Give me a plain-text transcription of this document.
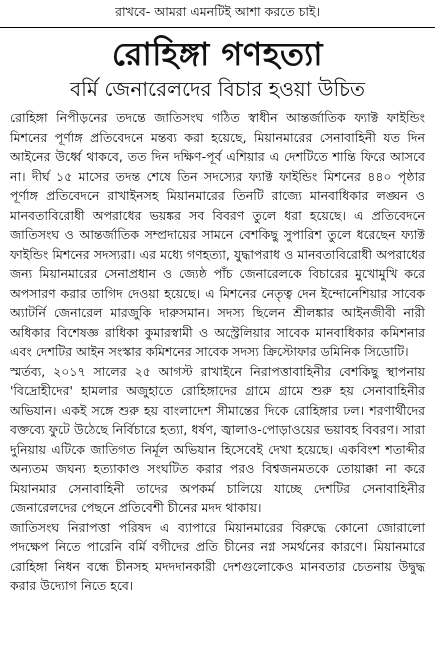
রাখবে- আমরা এমনটিই আশা করতে চাই।
রোহিঙ্গা গণহত্যা
বর্মি জেনারেলদের বিচার হওয়া উচিত

রোহিঙ্গা নিপীড়নের তদন্তে জাতিসংঘ গঠিত স্বাধীন আন্তর্জাতিক ফ্যাক্ট ফাইন্ডিং মিশনের পূর্ণাঙ্গ প্রতিবেদনে মন্তব্য করা হয়েছে, মিয়ানমারের সেনাবাহিনী যত দিন আইনের উর্ধ্বে থাকবে, তত দিন দক্ষিণ-পূর্ব এশিয়ার এ দেশটিতে শান্তি ফিরে আসবে না। দীর্ঘ ১৫ মাসের তদন্ত শেষে তিন সদস্যের ফ্যাক্ট ফাইন্ডিং মিশনের ৪৪০ পৃষ্ঠার পূর্ণাঙ্গ প্রতিবেদনে রাখাইনসহ মিয়ানমারের তিনটি রাজ্যে মানবাধিকার লঙ্ঘন ও মানবতাবিরোধী অপরাধের ভয়ঙ্কর সব বিবরণ তুলে ধরা হয়েছে। এ প্রতিবেদনে জাতিসংঘ ও আন্তর্জাতিক সম্প্রদায়ের সামনে বেশকিছু সুপারিশ তুলে ধরেছেন ফ্যাক্ট ফাইন্ডিং মিশনের সদস্যরা। এর মধ্যে গণহত্যা, যুদ্ধাপরাধ ও মানবতাবিরোধী অপরাধের জন্য মিয়ানমারের সেনাপ্রধান ও জ্যেষ্ঠ পাঁচ জেনারেলকে বিচারের মুখোমুখি করে অপসারণ করার তাগিদ দেওয়া হয়েছে। এ মিশনের নেতৃত্ব দেন ইন্দোনেশিয়ার সাবেক অ্যাটর্নি জেনারেল মারজুকি দারুসমান। সদস্য ছিলেন শ্রীলঙ্কার আইনজীবী নারী অধিকার বিশেষজ্ঞ রাধিকা কুমারস্বামী ও অস্ট্রেলিয়ার সাবেক মানবাধিকার কমিশনার এবং দেশটির আইন সংস্কার কমিশনের সাবেক সদস্য ক্রিস্টোফার ডমিনিক সিডোটি।

স্মর্তব্য, ২০১৭ সালের ২৫ আগস্ট রাখাইনে নিরাপত্তাবাহিনীর বেশকিছু স্থাপনায় 'বিদ্রোহীদের' হামলার অজুহাতে রোহিঙ্গাদের গ্রামে গ্রামে শুরু হয় সেনাবাহিনীর অভিযান। একই সঙ্গে শুরু হয় বাংলাদেশ সীমান্তের দিকে রোহিঙ্গার ঢল। শরণার্থীদের বক্তব্যে ফুটে উঠেছে নির্বিচারে হত্যা, ধর্ষণ, জ্বালাও-পোড়াওয়ের ভয়াবহ বিবরণ। সারা দুনিয়ায় এটিকে জাতিগত নির্মূল অভিযান হিসেবেই দেখা হয়েছে। একবিংশ শতাব্দীর অন্যতম জঘন্য হত্যাকাণ্ড সংঘটিত করার পরও বিশ্বজনমতকে তোয়াক্কা না করে মিয়ানমার সেনাবাহিনী তাদের অপকর্ম চালিয়ে যাচ্ছে দেশটির সেনাবাহিনীর জেনারেলদের পেছনে প্রতিবেশী চীনের মদদ থাকায়।

জাতিসংঘ নিরাপত্তা পরিষদ এ ব্যাপারে মিয়ানমারের বিরুদ্ধে কোনো জোরালো পদক্ষেপ নিতে পারেনি বর্মি বগীদের প্রতি চীনের নগ্ন সমর্থনের কারণে। মিয়ানমারে রোহিঙ্গা নিধন বন্ধে চীনসহ মদদদানকারী দেশগুলোকেও মানবতার চেতনায় উদ্বুদ্ধ করার উদ্যোগ নিতে হবে।
